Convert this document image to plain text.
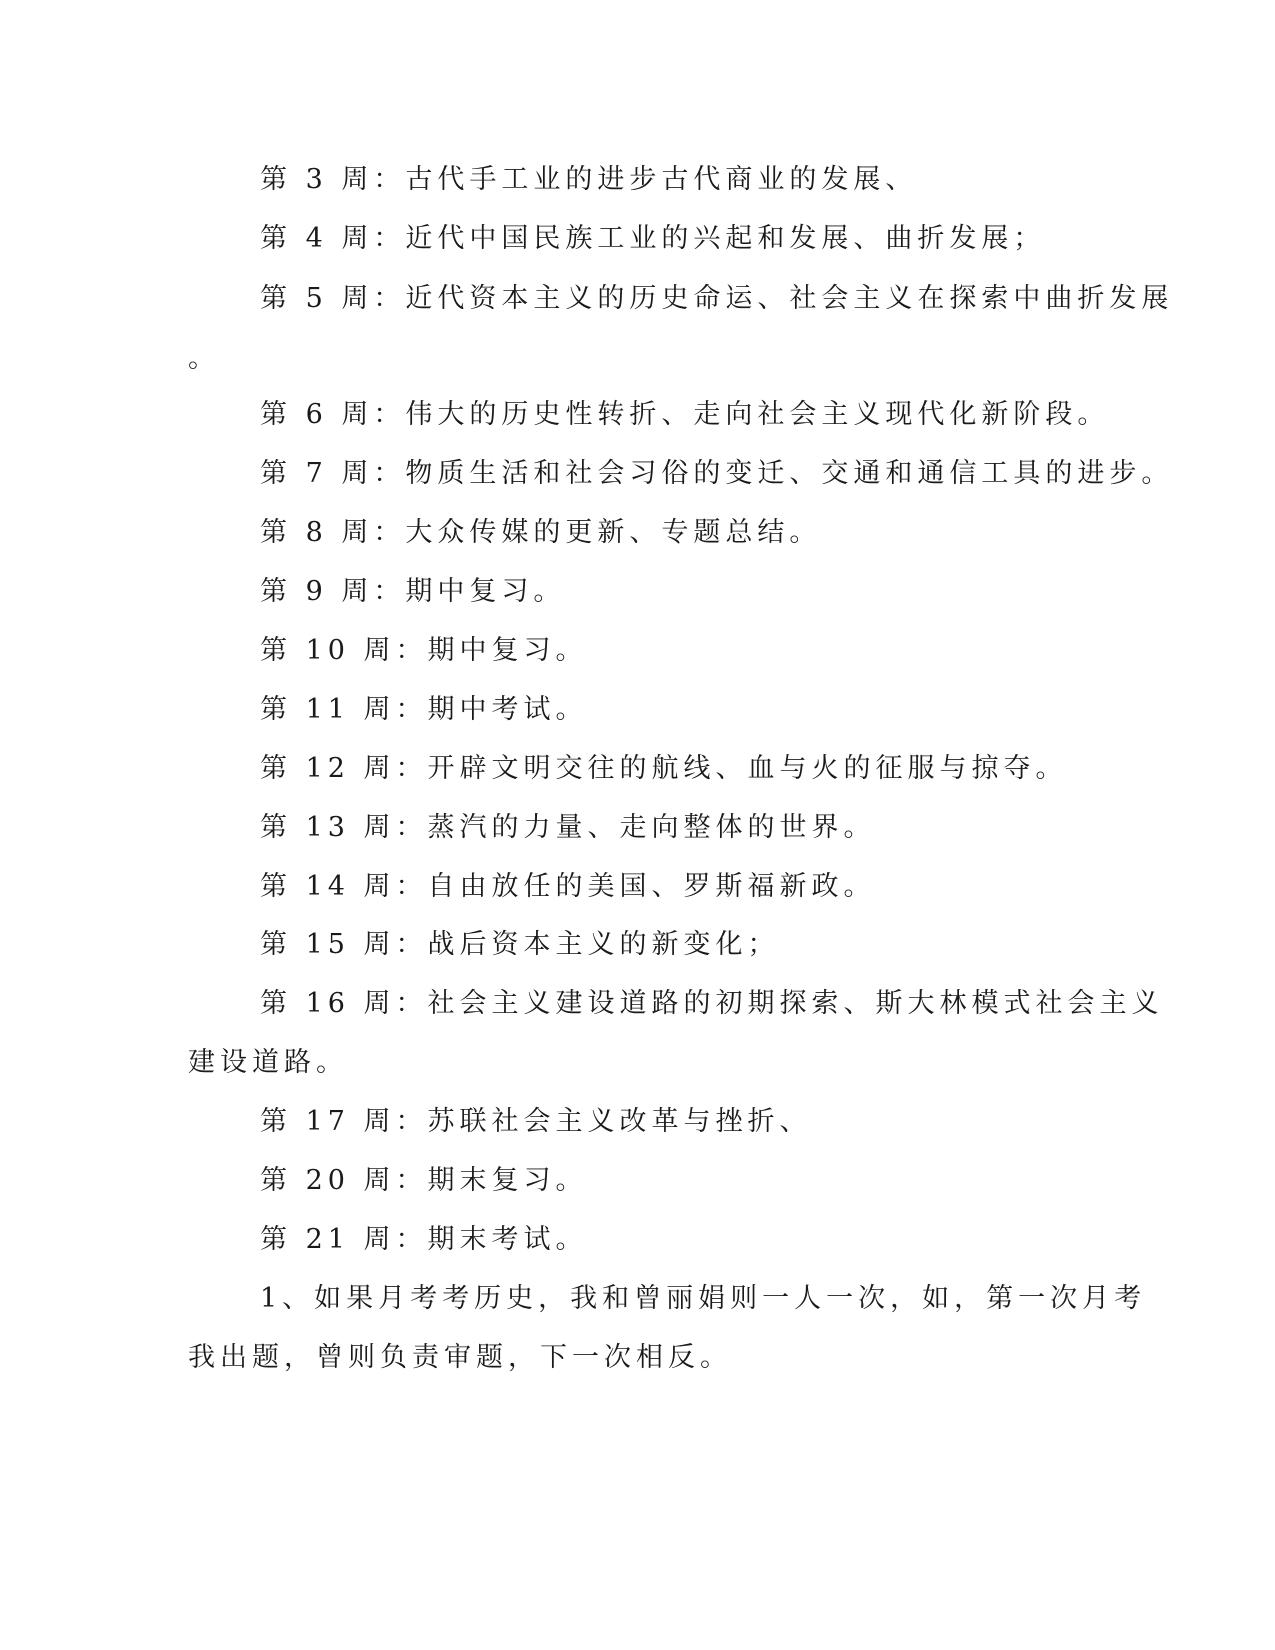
第 3 周：古代手工业的进步古代商业的发展、
第 4 周：近代中国民族工业的兴起和发展、曲折发展；
第 5 周：近代资本主义的历史命运、社会主义在探索中曲折发展
。
第 6 周：伟大的历史性转折、走向社会主义现代化新阶段。
第 7 周：物质生活和社会习俗的变迁、交通和通信工具的进步。
第 8 周：大众传媒的更新、专题总结。
第 9 周：期中复习。
第 10 周：期中复习。
第 11 周：期中考试。
第 12 周：开辟文明交往的航线、血与火的征服与掠夺。
第 13 周：蒸汽的力量、走向整体的世界。
第 14 周：自由放任的美国、罗斯福新政。
第 15 周：战后资本主义的新变化；
第 16 周：社会主义建设道路的初期探索、斯大林模式社会主义
建设道路。
第 17 周：苏联社会主义改革与挫折、
第 20 周：期末复习。
第 21 周：期末考试。
1、如果月考考历史，我和曾丽娟则一人一次，如，第一次月考
我出题，曾则负责审题，下一次相反。
